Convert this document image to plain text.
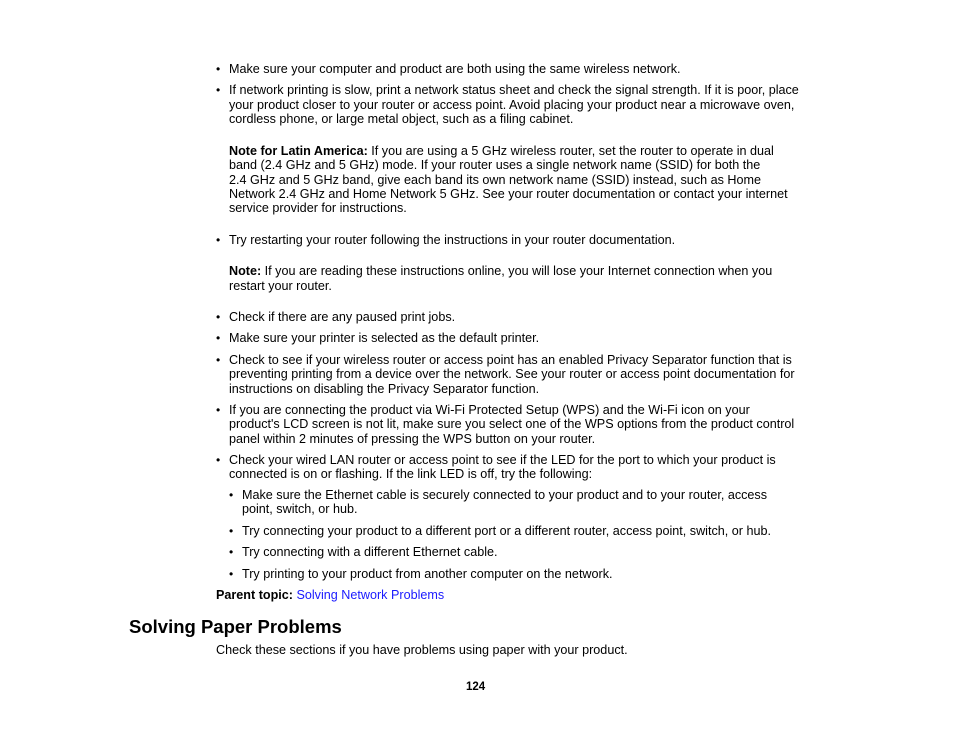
• Make sure your computer and product are both using the same wireless network.
• If network printing is slow, print a network status sheet and check the signal strength. If it is poor, place
your product closer to your router or access point. Avoid placing your product near a microwave oven,
cordless phone, or large metal object, such as a filing cabinet.
Note for Latin America: If you are using a 5 GHz wireless router, set the router to operate in dual
band (2.4 GHz and 5 GHz) mode. If your router uses a single network name (SSID) for both the
2.4 GHz and 5 GHz band, give each band its own network name (SSID) instead, such as Home
Network 2.4 GHz and Home Network 5 GHz. See your router documentation or contact your internet
service provider for instructions.
• Try restarting your router following the instructions in your router documentation.
Note: If you are reading these instructions online, you will lose your Internet connection when you
restart your router.
• Check if there are any paused print jobs.
• Make sure your printer is selected as the default printer.
• Check to see if your wireless router or access point has an enabled Privacy Separator function that is
preventing printing from a device over the network. See your router or access point documentation for
instructions on disabling the Privacy Separator function.
• If you are connecting the product via Wi-Fi Protected Setup (WPS) and the Wi-Fi icon on your
product's LCD screen is not lit, make sure you select one of the WPS options from the product control
panel within 2 minutes of pressing the WPS button on your router.
• Check your wired LAN router or access point to see if the LED for the port to which your product is
connected is on or flashing. If the link LED is off, try the following:
• Make sure the Ethernet cable is securely connected to your product and to your router, access
point, switch, or hub.
• Try connecting your product to a different port or a different router, access point, switch, or hub.
• Try connecting with a different Ethernet cable.
• Try printing to your product from another computer on the network.
Parent topic: Solving Network Problems
Solving Paper Problems
Check these sections if you have problems using paper with your product.
124
